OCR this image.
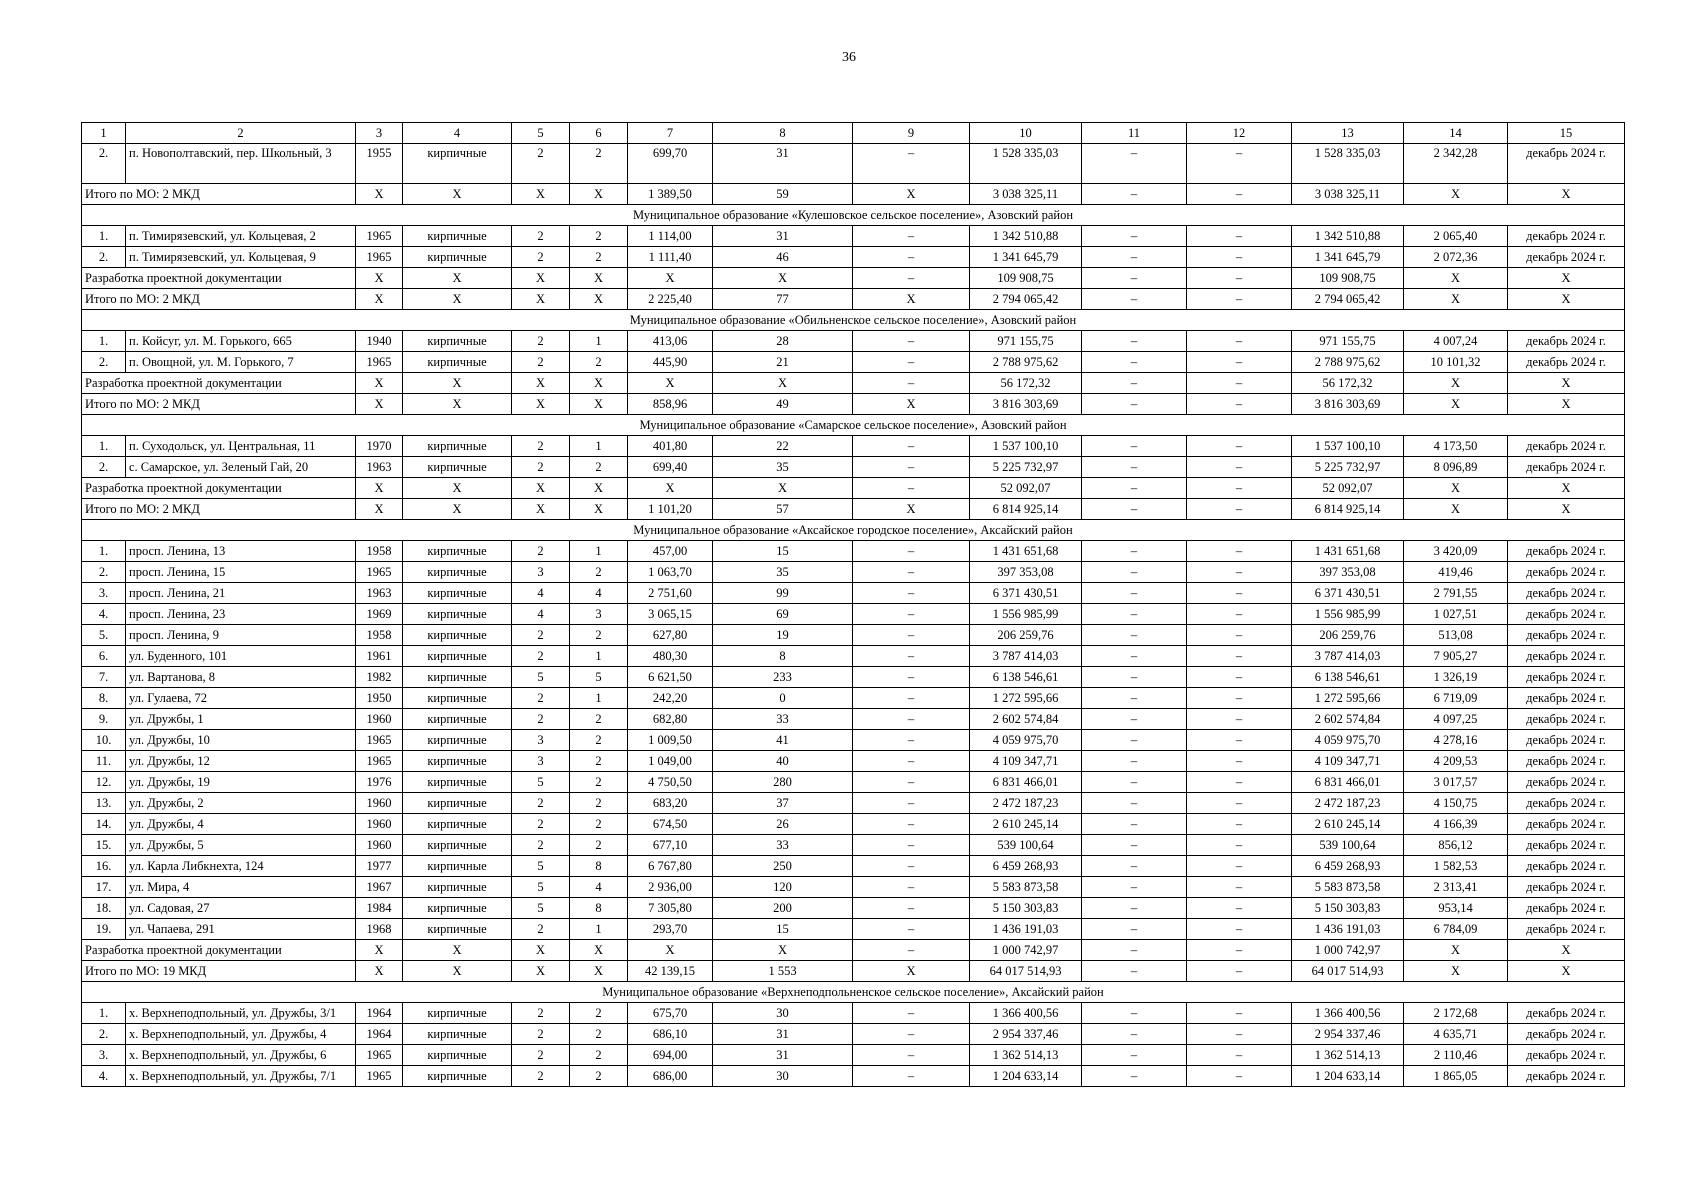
36
1	2	3	4	5	6	7	8	9	10	11	12	13	14	15
2.	п. Новополтавский, пер. Школьный, 3	1955	кирпичные	2	2	699,70	31	–	1 528 335,03	–	–	1 528 335,03	2 342,28	декабрь 2024 г.
Итого по МО: 2 МКД		X	X	X	X	1 389,50	59	X	3 038 325,11	–	–	3 038 325,11	X	X
Муниципальное образование «Кулешовское сельское поселение», Азовский район														
1.	п. Тимирязевский, ул. Кольцевая, 2	1965	кирпичные	2	2	1 114,00	31	–	1 342 510,88	–	–	1 342 510,88	2 065,40	декабрь 2024 г.
2.	п. Тимирязевский, ул. Кольцевая, 9	1965	кирпичные	2	2	1 111,40	46	–	1 341 645,79	–	–	1 341 645,79	2 072,36	декабрь 2024 г.
Разработка проектной документации		X	X	X	X	X	X	–	109 908,75	–	–	109 908,75	X	X
Итого по МО: 2 МКД		X	X	X	X	2 225,40	77	X	2 794 065,42	–	–	2 794 065,42	X	X
Муниципальное образование «Обильненское сельское поселение», Азовский район														
1.	п. Койсуг, ул. М. Горького, 665	1940	кирпичные	2	1	413,06	28	–	971 155,75	–	–	971 155,75	4 007,24	декабрь 2024 г.
2.	п. Овощной, ул. М. Горького, 7	1965	кирпичные	2	2	445,90	21	–	2 788 975,62	–	–	2 788 975,62	10 101,32	декабрь 2024 г.
Разработка проектной документации		X	X	X	X	X	X	–	56 172,32	–	–	56 172,32	X	X
Итого по МО: 2 МКД		X	X	X	X	858,96	49	X	3 816 303,69	–	–	3 816 303,69	X	X
Муниципальное образование «Самарское сельское поселение», Азовский район														
1.	п. Суходольск, ул. Центральная, 11	1970	кирпичные	2	1	401,80	22	–	1 537 100,10	–	–	1 537 100,10	4 173,50	декабрь 2024 г.
2.	с. Самарское, ул. Зеленый Гай, 20	1963	кирпичные	2	2	699,40	35	–	5 225 732,97	–	–	5 225 732,97	8 096,89	декабрь 2024 г.
Разработка проектной документации		X	X	X	X	X	X	–	52 092,07	–	–	52 092,07	X	X
Итого по МО: 2 МКД		X	X	X	X	1 101,20	57	X	6 814 925,14	–	–	6 814 925,14	X	X
Муниципальное образование «Аксайское городское поселение», Аксайский район														
1.	просп. Ленина, 13	1958	кирпичные	2	1	457,00	15	–	1 431 651,68	–	–	1 431 651,68	3 420,09	декабрь 2024 г.
2.	просп. Ленина, 15	1965	кирпичные	3	2	1 063,70	35	–	397 353,08	–	–	397 353,08	419,46	декабрь 2024 г.
3.	просп. Ленина, 21	1963	кирпичные	4	4	2 751,60	99	–	6 371 430,51	–	–	6 371 430,51	2 791,55	декабрь 2024 г.
4.	просп. Ленина, 23	1969	кирпичные	4	3	3 065,15	69	–	1 556 985,99	–	–	1 556 985,99	1 027,51	декабрь 2024 г.
5.	просп. Ленина, 9	1958	кирпичные	2	2	627,80	19	–	206 259,76	–	–	206 259,76	513,08	декабрь 2024 г.
6.	ул. Буденного, 101	1961	кирпичные	2	1	480,30	8	–	3 787 414,03	–	–	3 787 414,03	7 905,27	декабрь 2024 г.
7.	ул. Вартанова, 8	1982	кирпичные	5	5	6 621,50	233	–	6 138 546,61	–	–	6 138 546,61	1 326,19	декабрь 2024 г.
8.	ул. Гулаева, 72	1950	кирпичные	2	1	242,20	0	–	1 272 595,66	–	–	1 272 595,66	6 719,09	декабрь 2024 г.
9.	ул. Дружбы, 1	1960	кирпичные	2	2	682,80	33	–	2 602 574,84	–	–	2 602 574,84	4 097,25	декабрь 2024 г.
10.	ул. Дружбы, 10	1965	кирпичные	3	2	1 009,50	41	–	4 059 975,70	–	–	4 059 975,70	4 278,16	декабрь 2024 г.
11.	ул. Дружбы, 12	1965	кирпичные	3	2	1 049,00	40	–	4 109 347,71	–	–	4 109 347,71	4 209,53	декабрь 2024 г.
12.	ул. Дружбы, 19	1976	кирпичные	5	2	4 750,50	280	–	6 831 466,01	–	–	6 831 466,01	3 017,57	декабрь 2024 г.
13.	ул. Дружбы, 2	1960	кирпичные	2	2	683,20	37	–	2 472 187,23	–	–	2 472 187,23	4 150,75	декабрь 2024 г.
14.	ул. Дружбы, 4	1960	кирпичные	2	2	674,50	26	–	2 610 245,14	–	–	2 610 245,14	4 166,39	декабрь 2024 г.
15.	ул. Дружбы, 5	1960	кирпичные	2	2	677,10	33	–	539 100,64	–	–	539 100,64	856,12	декабрь 2024 г.
16.	ул. Карла Либкнехта, 124	1977	кирпичные	5	8	6 767,80	250	–	6 459 268,93	–	–	6 459 268,93	1 582,53	декабрь 2024 г.
17.	ул. Мира, 4	1967	кирпичные	5	4	2 936,00	120	–	5 583 873,58	–	–	5 583 873,58	2 313,41	декабрь 2024 г.
18.	ул. Садовая, 27	1984	кирпичные	5	8	7 305,80	200	–	5 150 303,83	–	–	5 150 303,83	953,14	декабрь 2024 г.
19.	ул. Чапаева, 291	1968	кирпичные	2	1	293,70	15	–	1 436 191,03	–	–	1 436 191,03	6 784,09	декабрь 2024 г.
Разработка проектной документации		X	X	X	X	X	X	–	1 000 742,97	–	–	1 000 742,97	X	X
Итого по МО: 19 МКД		X	X	X	X	42 139,15	1 553	X	64 017 514,93	–	–	64 017 514,93	X	X
Муниципальное образование «Верхнеподпольненское сельское поселение», Аксайский район														
1.	х. Верхнеподпольный, ул. Дружбы, 3/1	1964	кирпичные	2	2	675,70	30	–	1 366 400,56	–	–	1 366 400,56	2 172,68	декабрь 2024 г.
2.	х. Верхнеподпольный, ул. Дружбы, 4	1964	кирпичные	2	2	686,10	31	–	2 954 337,46	–	–	2 954 337,46	4 635,71	декабрь 2024 г.
3.	х. Верхнеподпольный, ул. Дружбы, 6	1965	кирпичные	2	2	694,00	31	–	1 362 514,13	–	–	1 362 514,13	2 110,46	декабрь 2024 г.
4.	х. Верхнеподпольный, ул. Дружбы, 7/1	1965	кирпичные	2	2	686,00	30	–	1 204 633,14	–	–	1 204 633,14	1 865,05	декабрь 2024 г.
